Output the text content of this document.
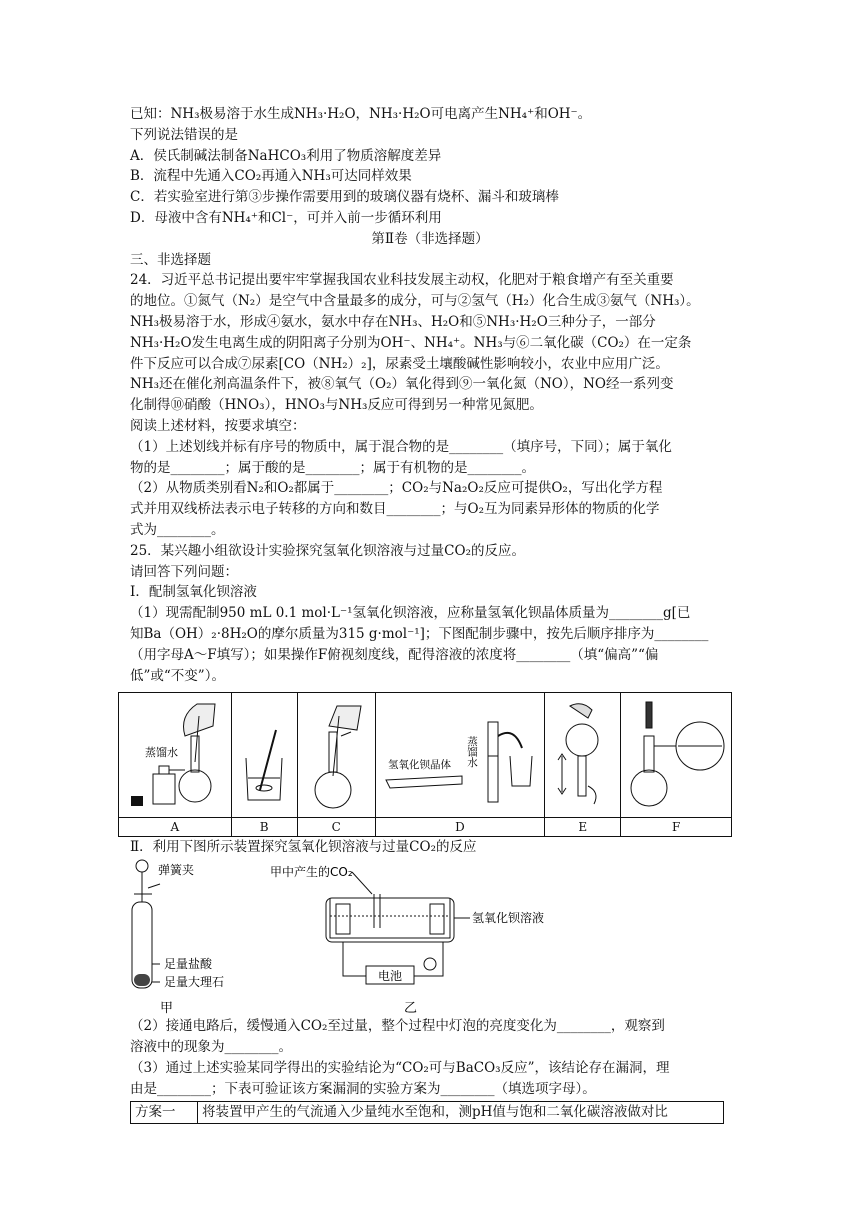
已知：NH₃极易溶于水生成NH₃·H₂O，NH₃·H₂O可电离产生NH₄⁺和OH⁻。
下列说法错误的是
A．侯氏制碱法制备NaHCO₃利用了物质溶解度差异
B．流程中先通入CO₂再通入NH₃可达同样效果
C．若实验室进行第③步操作需要用到的玻璃仪器有烧杯、漏斗和玻璃棒
D．母液中含有NH₄⁺和Cl⁻，可并入前一步循环利用
第Ⅱ卷（非选择题）
三、非选择题
24．习近平总书记提出要牢牢掌握我国农业科技发展主动权，化肥对于粮食增产有至关重要
的地位。①氮气（N₂）是空气中含量最多的成分，可与②氢气（H₂）化合生成③氨气（NH₃）。
NH₃极易溶于水，形成④氨水，氨水中存在NH₃、H₂O和⑤NH₃·H₂O三种分子，一部分
NH₃·H₂O发生电离生成的阴阳离子分别为OH⁻、NH₄⁺。NH₃与⑥二氧化碳（CO₂）在一定条
件下反应可以合成⑦尿素[CO（NH₂）₂]，尿素受土壤酸碱性影响较小，农业中应用广泛。
NH₃还在催化剂高温条件下，被⑧氧气（O₂）氧化得到⑨一氧化氮（NO），NO经一系列变
化制得⑩硝酸（HNO₃），HNO₃与NH₃反应可得到另一种常见氮肥。
阅读上述材料，按要求填空：
（1）上述划线并标有序号的物质中，属于混合物的是________（填序号，下同）；属于氧化
物的是________；属于酸的是________；属于有机物的是________。
（2）从物质类别看N₂和O₂都属于________；CO₂与Na₂O₂反应可提供O₂，写出化学方程
式并用双线桥法表示电子转移的方向和数目________；与O₂互为同素异形体的物质的化学
式为________。
25．某兴趣小组欲设计实验探究氢氧化钡溶液与过量CO₂的反应。
请回答下列问题：
Ⅰ．配制氢氧化钡溶液
（1）现需配制950 mL 0.1 mol·L⁻¹氢氧化钡溶液，应称量氢氧化钡晶体质量为________g[已
知Ba（OH）₂·8H₂O的摩尔质量为315 g·mol⁻¹]；下图配制步骤中，按先后顺序排序为________
（用字母A～F填写）；如果操作F俯视刻度线，配得溶液的浓度将________（填“偏高”“偏
低”或“不变”）。
蒸馏水			氢氧化钡晶体 蒸馏水

A	B	C	D	E	F
Ⅱ．利用下图所示装置探究氢氧化钡溶液与过量CO₂的反应
弹簧夹
足量盐酸
足量大理石
甲
甲中产生的CO₂
氢氧化钡溶液
电池
乙
（2）接通电路后，缓慢通入CO₂至过量，整个过程中灯泡的亮度变化为________，观察到
溶液中的现象为________。
（3）通过上述实验某同学得出的实验结论为“CO₂可与BaCO₃反应”，该结论存在漏洞，理
由是________；下表可验证该方案漏洞的实验方案为________（填选项字母）。
方案一	将装置甲产生的气流通入少量纯水至饱和，测pH值与饱和二氧化碳溶液做对比
